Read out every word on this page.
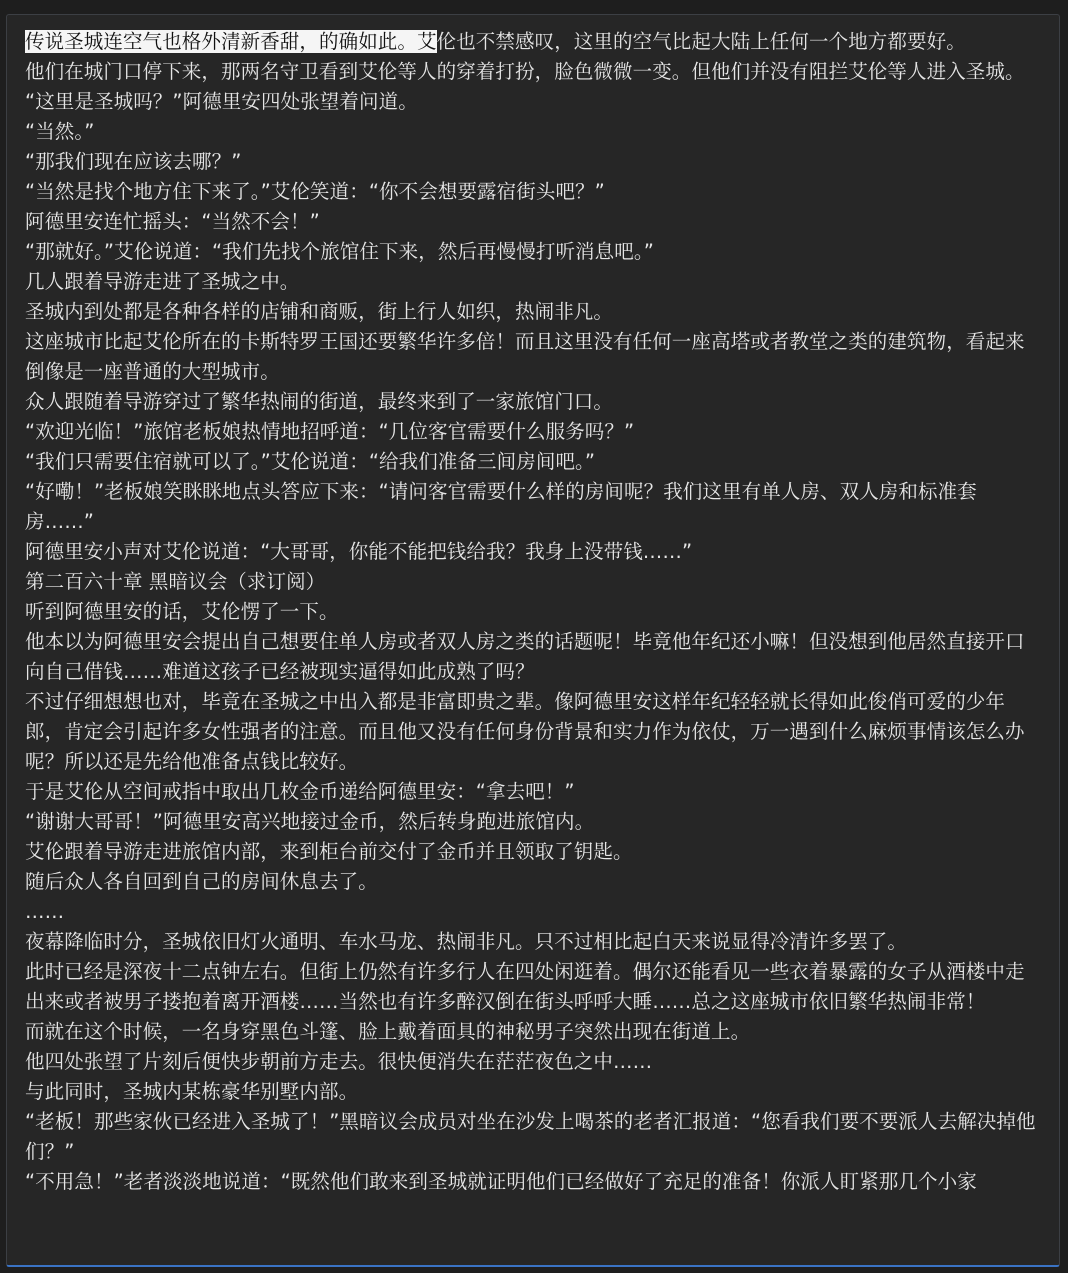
传说圣城连空气也格外清新香甜，的确如此。艾伦也不禁感叹，这里的空气比起大陆上任何一个地方都要好。

他们在城门口停下来，那两名守卫看到艾伦等人的穿着打扮，脸色微微一变。但他们并没有阻拦艾伦等人进入圣城。

“这里是圣城吗？”阿德里安四处张望着问道。

“当然。”

“那我们现在应该去哪？”

“当然是找个地方住下来了。”艾伦笑道：“你不会想要露宿街头吧？”

阿德里安连忙摇头：“当然不会！”

“那就好。”艾伦说道：“我们先找个旅馆住下来，然后再慢慢打听消息吧。”

几人跟着导游走进了圣城之中。

圣城内到处都是各种各样的店铺和商贩，街上行人如织，热闹非凡。

这座城市比起艾伦所在的卡斯特罗王国还要繁华许多倍！而且这里没有任何一座高塔或者教堂之类的建筑物，看起来倒像是一座普通的大型城市。

众人跟随着导游穿过了繁华热闹的街道，最终来到了一家旅馆门口。

“欢迎光临！”旅馆老板娘热情地招呼道：“几位客官需要什么服务吗？”

“我们只需要住宿就可以了。”艾伦说道：“给我们准备三间房间吧。”

“好嘞！”老板娘笑眯眯地点头答应下来：“请问客官需要什么样的房间呢？我们这里有单人房、双人房和标准套房……”

阿德里安小声对艾伦说道：“大哥哥，你能不能把钱给我？我身上没带钱……”

第二百六十章 黑暗议会（求订阅）

听到阿德里安的话，艾伦愣了一下。

他本以为阿德里安会提出自己想要住单人房或者双人房之类的话题呢！毕竟他年纪还小嘛！但没想到他居然直接开口向自己借钱……难道这孩子已经被现实逼得如此成熟了吗？

不过仔细想想也对，毕竟在圣城之中出入都是非富即贵之辈。像阿德里安这样年纪轻轻就长得如此俊俏可爱的少年郎，肯定会引起许多女性强者的注意。而且他又没有任何身份背景和实力作为依仗，万一遇到什么麻烦事情该怎么办呢？所以还是先给他准备点钱比较好。

于是艾伦从空间戒指中取出几枚金币递给阿德里安：“拿去吧！”

“谢谢大哥哥！”阿德里安高兴地接过金币，然后转身跑进旅馆内。

艾伦跟着导游走进旅馆内部，来到柜台前交付了金币并且领取了钥匙。

随后众人各自回到自己的房间休息去了。

……

夜幕降临时分，圣城依旧灯火通明、车水马龙、热闹非凡。只不过相比起白天来说显得冷清许多罢了。

此时已经是深夜十二点钟左右。但街上仍然有许多行人在四处闲逛着。偶尔还能看见一些衣着暴露的女子从酒楼中走出来或者被男子搂抱着离开酒楼……当然也有许多醉汉倒在街头呼呼大睡……总之这座城市依旧繁华热闹非常！

而就在这个时候，一名身穿黑色斗篷、脸上戴着面具的神秘男子突然出现在街道上。

他四处张望了片刻后便快步朝前方走去。很快便消失在茫茫夜色之中……

与此同时，圣城内某栋豪华别墅内部。

“老板！那些家伙已经进入圣城了！”黑暗议会成员对坐在沙发上喝茶的老者汇报道：“您看我们要不要派人去解决掉他们？”

“不用急！”老者淡淡地说道：“既然他们敢来到圣城就证明他们已经做好了充足的准备！你派人盯紧那几个小家
